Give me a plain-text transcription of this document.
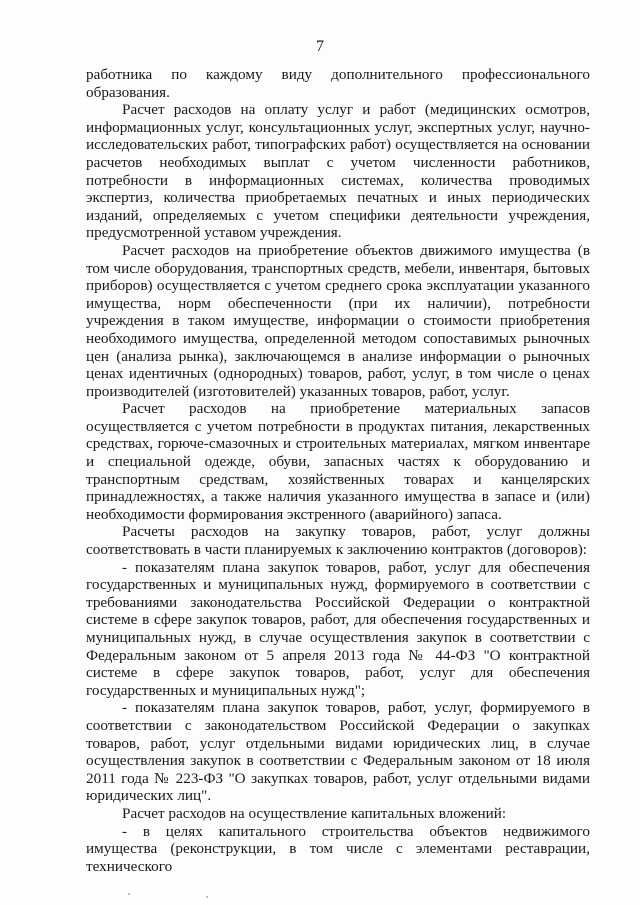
7

работника по каждому виду дополнительного профессионального образования.

Расчет расходов на оплату услуг и работ (медицинских осмотров, информационных услуг, консультационных услуг, экспертных услуг, научно-исследовательских работ, типографских работ) осуществляется на основании расчетов необходимых выплат с учетом численности работников, потребности в информационных системах, количества проводимых экспертиз, количества приобретаемых печатных и иных периодических изданий, определяемых с учетом специфики деятельности учреждения, предусмотренной уставом учреждения.

Расчет расходов на приобретение объектов движимого имущества (в том числе оборудования, транспортных средств, мебели, инвентаря, бытовых приборов) осуществляется с учетом среднего срока эксплуатации указанного имущества, норм обеспеченности (при их наличии), потребности учреждения в таком имуществе, информации о стоимости приобретения необходимого имущества, определенной методом сопоставимых рыночных цен (анализа рынка), заключающемся в анализе информации о рыночных ценах идентичных (однородных) товаров, работ, услуг, в том числе о ценах производителей (изготовителей) указанных товаров, работ, услуг.

Расчет расходов на приобретение материальных запасов осуществляется с учетом потребности в продуктах питания, лекарственных средствах, горюче-смазочных и строительных материалах, мягком инвентаре и специальной одежде, обуви, запасных частях к оборудованию и транспортным средствам, хозяйственных товарах и канцелярских принадлежностях, а также наличия указанного имущества в запасе и (или) необходимости формирования экстренного (аварийного) запаса.

Расчеты расходов на закупку товаров, работ, услуг должны соответствовать в части планируемых к заключению контрактов (договоров):

- показателям плана закупок товаров, работ, услуг для обеспечения государственных и муниципальных нужд, формируемого в соответствии с требованиями законодательства Российской Федерации о контрактной системе в сфере закупок товаров, работ, для обеспечения государственных и муниципальных нужд, в случае осуществления закупок в соответствии с Федеральным законом от 5 апреля 2013 года № 44-ФЗ "О контрактной системе в сфере закупок товаров, работ, услуг для обеспечения государственных и муниципальных нужд";

- показателям плана закупок товаров, работ, услуг, формируемого в соответствии с законодательством Российской Федерации о закупках товаров, работ, услуг отдельными видами юридических лиц, в случае осуществления закупок в соответствии с Федеральным законом от 18 июля 2011 года № 223-ФЗ "О закупках товаров, работ, услуг отдельными видами юридических лиц".

Расчет расходов на осуществление капитальных вложений:

- в целях капитального строительства объектов недвижимого имущества (реконструкции, в том числе с элементами реставрации, технического
